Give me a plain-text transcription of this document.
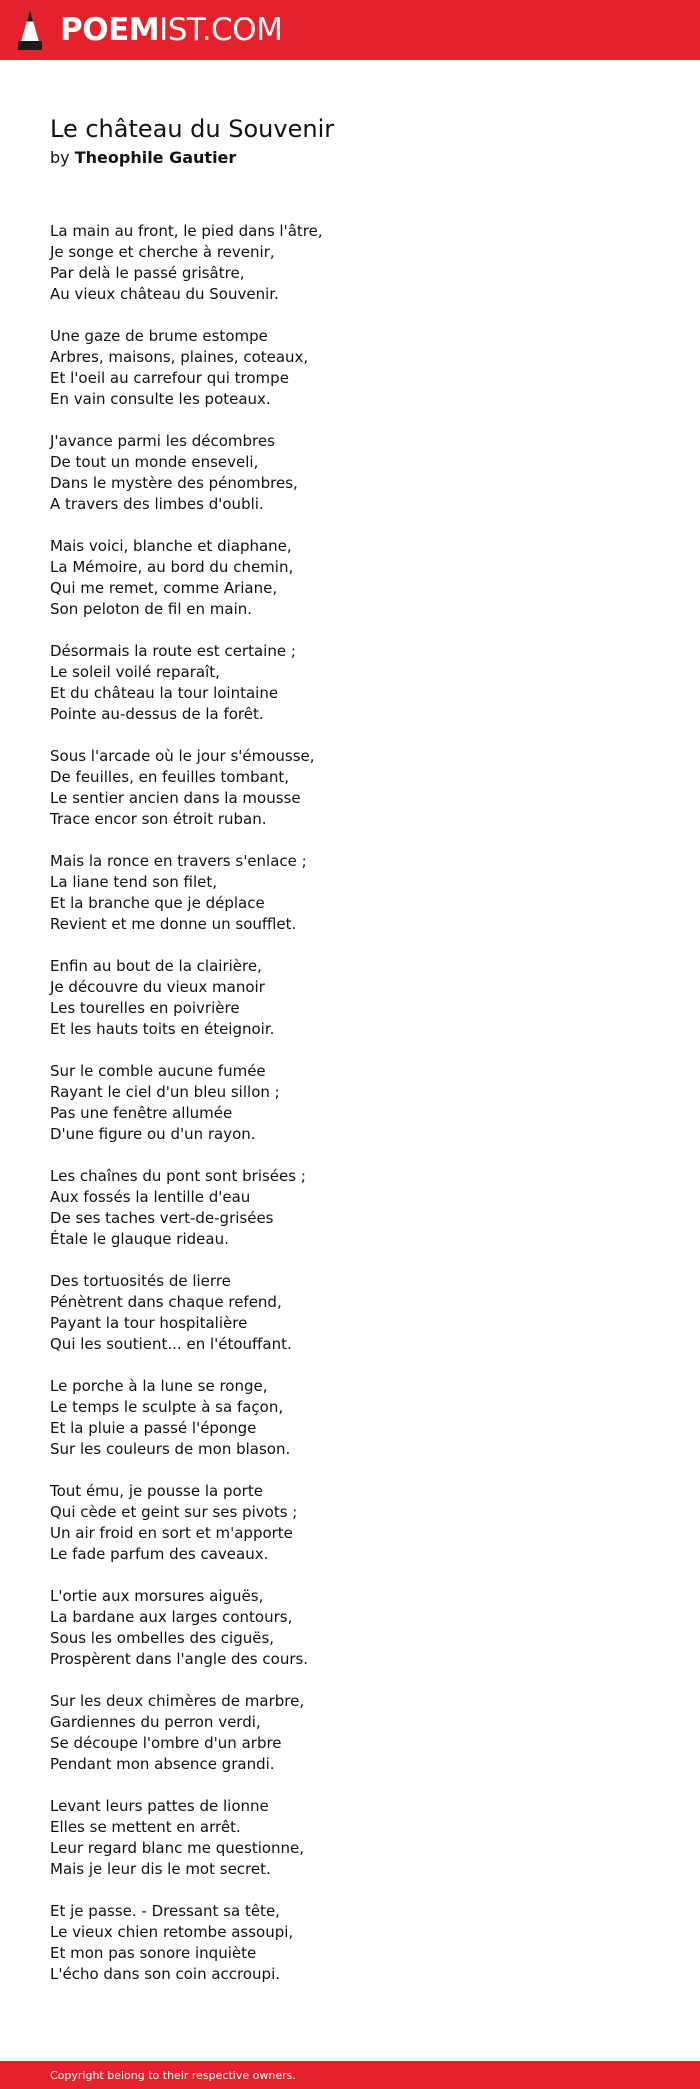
POEMIST.COM
Le château du Souvenir
by Theophile Gautier
La main au front, le pied dans l'âtre,
Je songe et cherche à revenir,
Par delà le passé grisâtre,
Au vieux château du Souvenir.
Une gaze de brume estompe
Arbres, maisons, plaines, coteaux,
Et l'oeil au carrefour qui trompe
En vain consulte les poteaux.
J'avance parmi les décombres
De tout un monde enseveli,
Dans le mystère des pénombres,
A travers des limbes d'oubli.
Mais voici, blanche et diaphane,
La Mémoire, au bord du chemin,
Qui me remet, comme Ariane,
Son peloton de fil en main.
Désormais la route est certaine ;
Le soleil voilé reparaît,
Et du château la tour lointaine
Pointe au-dessus de la forêt.
Sous l'arcade où le jour s'émousse,
De feuilles, en feuilles tombant,
Le sentier ancien dans la mousse
Trace encor son étroit ruban.
Mais la ronce en travers s'enlace ;
La liane tend son filet,
Et la branche que je déplace
Revient et me donne un soufflet.
Enfin au bout de la clairière,
Je découvre du vieux manoir
Les tourelles en poivrière
Et les hauts toits en éteignoir.
Sur le comble aucune fumée
Rayant le ciel d'un bleu sillon ;
Pas une fenêtre allumée
D'une figure ou d'un rayon.
Les chaînes du pont sont brisées ;
Aux fossés la lentille d'eau
De ses taches vert-de-grisées
Étale le glauque rideau.
Des tortuosités de lierre
Pénètrent dans chaque refend,
Payant la tour hospitalière
Qui les soutient... en l'étouffant.
Le porche à la lune se ronge,
Le temps le sculpte à sa façon,
Et la pluie a passé l'éponge
Sur les couleurs de mon blason.
Tout ému, je pousse la porte
Qui cède et geint sur ses pivots ;
Un air froid en sort et m'apporte
Le fade parfum des caveaux.
L'ortie aux morsures aiguës,
La bardane aux larges contours,
Sous les ombelles des ciguës,
Prospèrent dans l'angle des cours.
Sur les deux chimères de marbre,
Gardiennes du perron verdi,
Se découpe l'ombre d'un arbre
Pendant mon absence grandi.
Levant leurs pattes de lionne
Elles se mettent en arrêt.
Leur regard blanc me questionne,
Mais je leur dis le mot secret.
Et je passe. - Dressant sa tête,
Le vieux chien retombe assoupi,
Et mon pas sonore inquiète
L'écho dans son coin accroupi.
Copyright belong to their respective owners.
